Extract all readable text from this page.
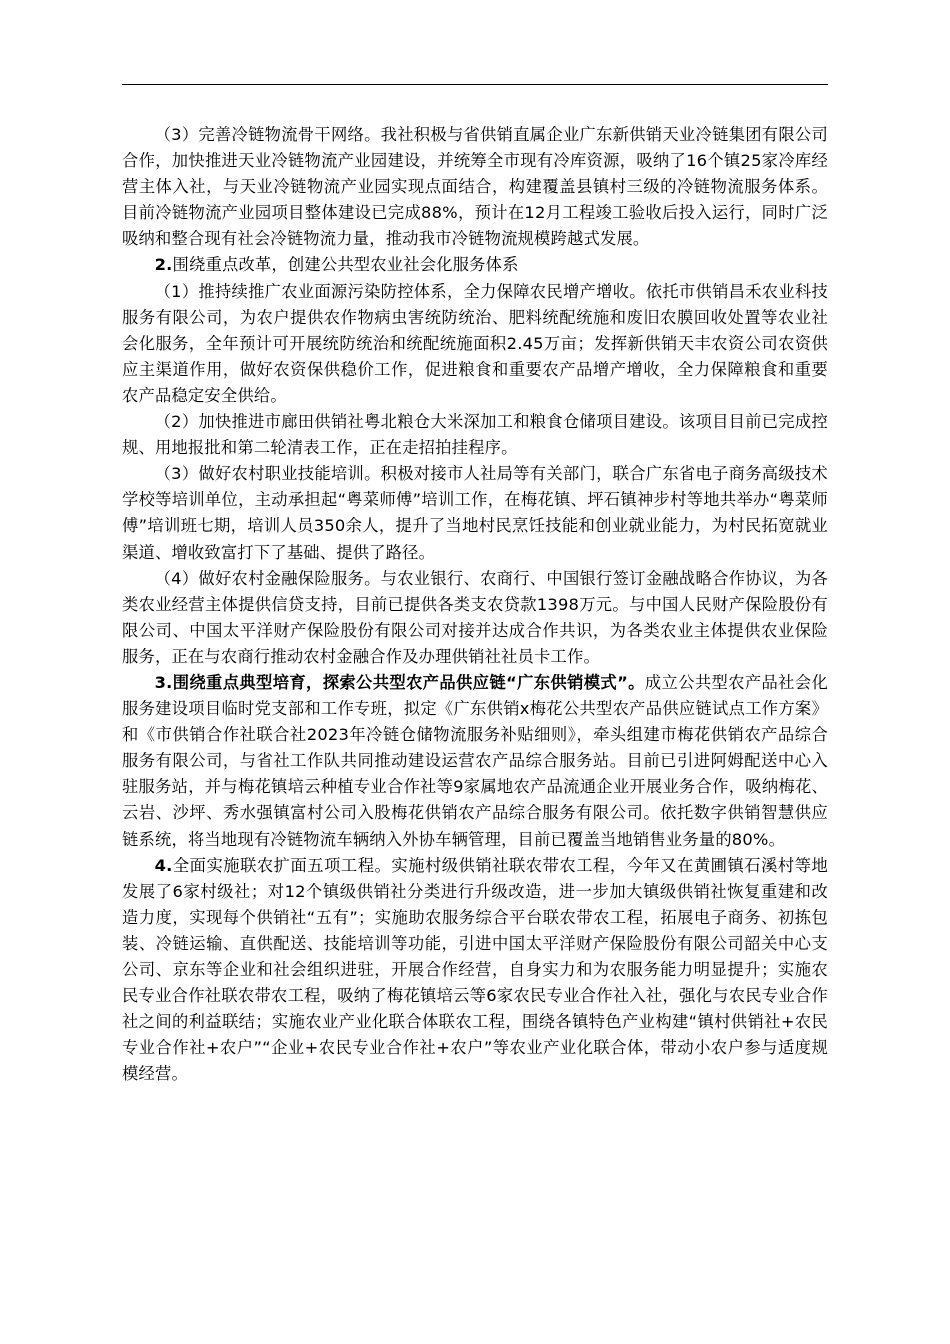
（3）完善冷链物流骨干网络。我社积极与省供销直属企业广东新供销天业冷链集团有限公司合作，加快推进天业冷链物流产业园建设，并统筹全市现有冷库资源，吸纳了16个镇25家冷库经营主体入社，与天业冷链物流产业园实现点面结合，构建覆盖县镇村三级的冷链物流服务体系。目前冷链物流产业园项目整体建设已完成88%，预计在12月工程竣工验收后投入运行，同时广泛吸纳和整合现有社会冷链物流力量，推动我市冷链物流规模跨越式发展。

2.围绕重点改革，创建公共型农业社会化服务体系

（1）推持续推广农业面源污染防控体系，全力保障农民增产增收。依托市供销昌禾农业科技服务有限公司，为农户提供农作物病虫害统防统治、肥料统配统施和废旧农膜回收处置等农业社会化服务，全年预计可开展统防统治和统配统施面积2.45万亩；发挥新供销天丰农资公司农资供应主渠道作用，做好农资保供稳价工作，促进粮食和重要农产品增产增收，全力保障粮食和重要农产品稳定安全供给。

（2）加快推进市廊田供销社粤北粮仓大米深加工和粮食仓储项目建设。该项目目前已完成控规、用地报批和第二轮清表工作，正在走招拍挂程序。

（3）做好农村职业技能培训。积极对接市人社局等有关部门，联合广东省电子商务高级技术学校等培训单位，主动承担起“粤菜师傅”培训工作，在梅花镇、坪石镇神步村等地共举办“粤菜师傅”培训班七期，培训人员350余人，提升了当地村民烹饪技能和创业就业能力，为村民拓宽就业渠道、增收致富打下了基础、提供了路径。

（4）做好农村金融保险服务。与农业银行、农商行、中国银行签订金融战略合作协议，为各类农业经营主体提供信贷支持，目前已提供各类支农贷款1398万元。与中国人民财产保险股份有限公司、中国太平洋财产保险股份有限公司对接并达成合作共识，为各类农业主体提供农业保险服务，正在与农商行推动农村金融合作及办理供销社社员卡工作。

3.围绕重点典型培育，探索公共型农产品供应链“广东供销模式”。成立公共型农产品社会化服务建设项目临时党支部和工作专班，拟定《广东供销x梅花公共型农产品供应链试点工作方案》和《市供销合作社联合社2023年冷链仓储物流服务补贴细则》，牵头组建市梅花供销农产品综合服务有限公司，与省社工作队共同推动建设运营农产品综合服务站。目前已引进阿姆配送中心入驻服务站，并与梅花镇培云种植专业合作社等9家属地农产品流通企业开展业务合作，吸纳梅花、云岩、沙坪、秀水强镇富村公司入股梅花供销农产品综合服务有限公司。依托数字供销智慧供应链系统，将当地现有冷链物流车辆纳入外协车辆管理，目前已覆盖当地销售业务量的80%。

4.全面实施联农扩面五项工程。实施村级供销社联农带农工程，今年又在黄圃镇石溪村等地发展了6家村级社；对12个镇级供销社分类进行升级改造，进一步加大镇级供销社恢复重建和改造力度，实现每个供销社“五有”；实施助农服务综合平台联农带农工程，拓展电子商务、初拣包装、冷链运输、直供配送、技能培训等功能，引进中国太平洋财产保险股份有限公司韶关中心支公司、京东等企业和社会组织进驻，开展合作经营，自身实力和为农服务能力明显提升；实施农民专业合作社联农带农工程，吸纳了梅花镇培云等6家农民专业合作社入社，强化与农民专业合作社之间的利益联结；实施农业产业化联合体联农工程，围绕各镇特色产业构建“镇村供销社+农民专业合作社+农户”“企业+农民专业合作社+农户”等农业产业化联合体，带动小农户参与适度规模经营。
